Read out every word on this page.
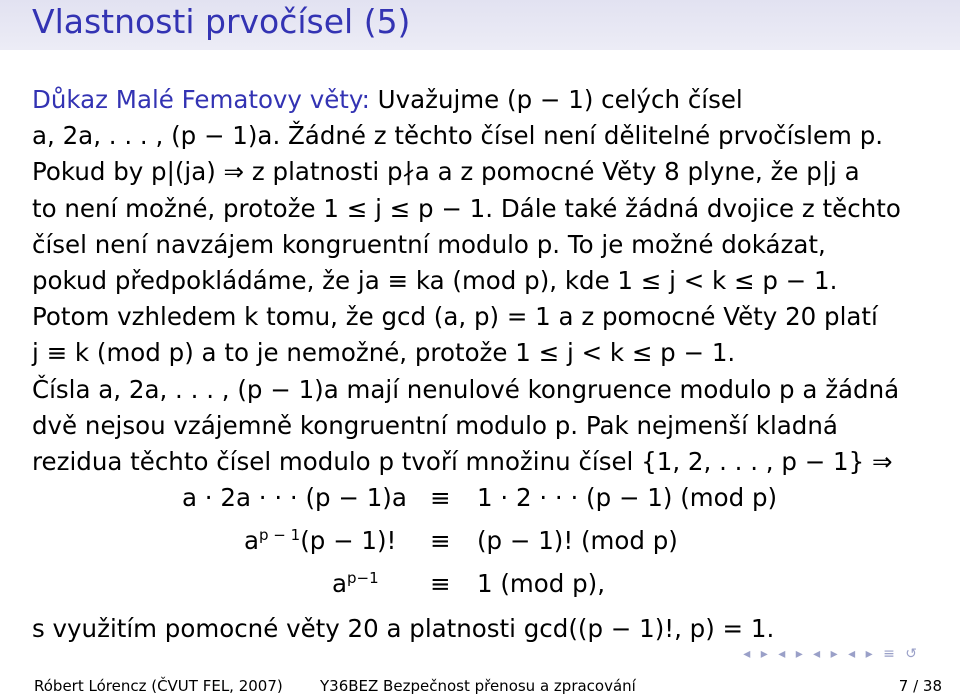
Vlastnosti prvočísel (5)
Důkaz Malé Fematovy věty: Uvažujme (p − 1) celých čísel
a, 2a, . . . , (p − 1)a. Žádné z těchto čísel není dělitelné prvočíslem p.
Pokud by p|(ja) ⇒ z platnosti p∤a a z pomocné Věty 8 plyne, že p|j a
to není možné, protože 1 ≤ j ≤ p − 1. Dále také žádná dvojice z těchto
čísel není navzájem kongruentní modulo p. To je možné dokázat,
pokud předpokládáme, že ja ≡ ka (mod p), kde 1 ≤ j < k ≤ p − 1.
Potom vzhledem k tomu, že gcd (a, p) = 1 a z pomocné Věty 20 platí
j ≡ k (mod p) a to je nemožné, protože 1 ≤ j < k ≤ p − 1.
Čísla a, 2a, . . . , (p − 1)a mají nenulové kongruence modulo p a žádná
dvě nejsou vzájemně kongruentní modulo p. Pak nejmenší kladná
rezidua těchto čísel modulo p tvoří množinu čísel {1, 2, . . . , p − 1} ⇒
a · 2a · · · (p − 1)a ≡ 1 · 2 · · · (p − 1) (mod p)
$a^{p - 1}(p - 1)$! ≡ (p − 1)! (mod p)
$a^{p-1} \equiv 1$ (mod p),
s využitím pomocné věty 20 a platnosti gcd((p − 1)!, p) = 1.
◂ ▸ ◂ ▸ ◂ ▸ ◂ ▸ ≡ ↺
Róbert Lórencz (ČVUT FEL, 2007) Y36BEZ Bezpečnost přenosu a zpracování	7 / 38
